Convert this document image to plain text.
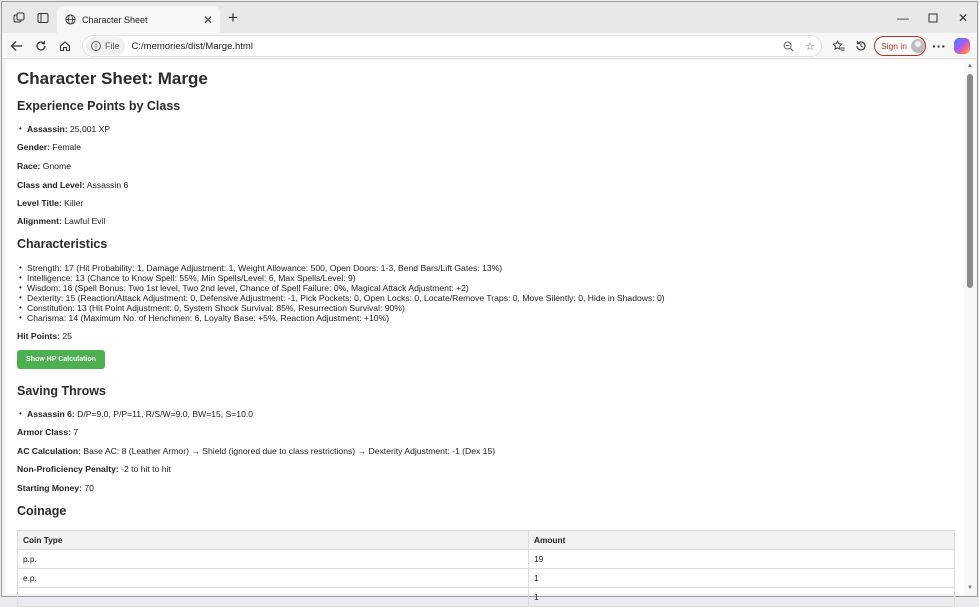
Character Sheet	✕ +	—	✕
i File C:/memories/dist/Marge.html	☆	Sign in ···
Character Sheet: Marge
Experience Points by Class
• Assassin: 25,001 XP
Gender: Female
Race: Gnome
Class and Level: Assassin 6
Level Title: Killer
Alignment: Lawful Evil
Characteristics
• Strength: 17 (Hit Probability: 1, Damage Adjustment: 1, Weight Allowance: 500, Open Doors: 1-3, Bend Bars/Lift Gates: 13%)
• Intelligence: 13 (Chance to Know Spell: 55%, Min Spells/Level: 6, Max Spells/Level: 9)
• Wisdom: 16 (Spell Bonus: Two 1st level, Two 2nd level, Chance of Spell Failure: 0%, Magical Attack Adjustment: +2)
• Dexterity: 15 (Reaction/Attack Adjustment: 0, Defensive Adjustment: -1, Pick Pockets: 0, Open Locks: 0, Locate/Remove Traps: 0, Move Silently: 0, Hide in Shadows: 0)
• Constitution: 13 (Hit Point Adjustment: 0, System Shock Survival: 85%, Resurrection Survival: 90%)
• Charisma: 14 (Maximum No. of Henchmen: 6, Loyalty Base: +5%, Reaction Adjustment: +10%)
Hit Points: 25
Show HP Calculation
Saving Throws
• Assassin 6: D/P=9.0, P/P=11, R/S/W=9.0, BW=15, S=10.0
Armor Class: 7
AC Calculation: Base AC: 8 (Leather Armor) → Shield (ignored due to class restrictions) → Dexterity Adjustment: -1 (Dex 15)
Non-Proficiency Penalty: -2 to hit to hit
Starting Money: 70
Coinage
Coin Type	Amount
p.p.	19
e.p.	1
	1
▲
▼
